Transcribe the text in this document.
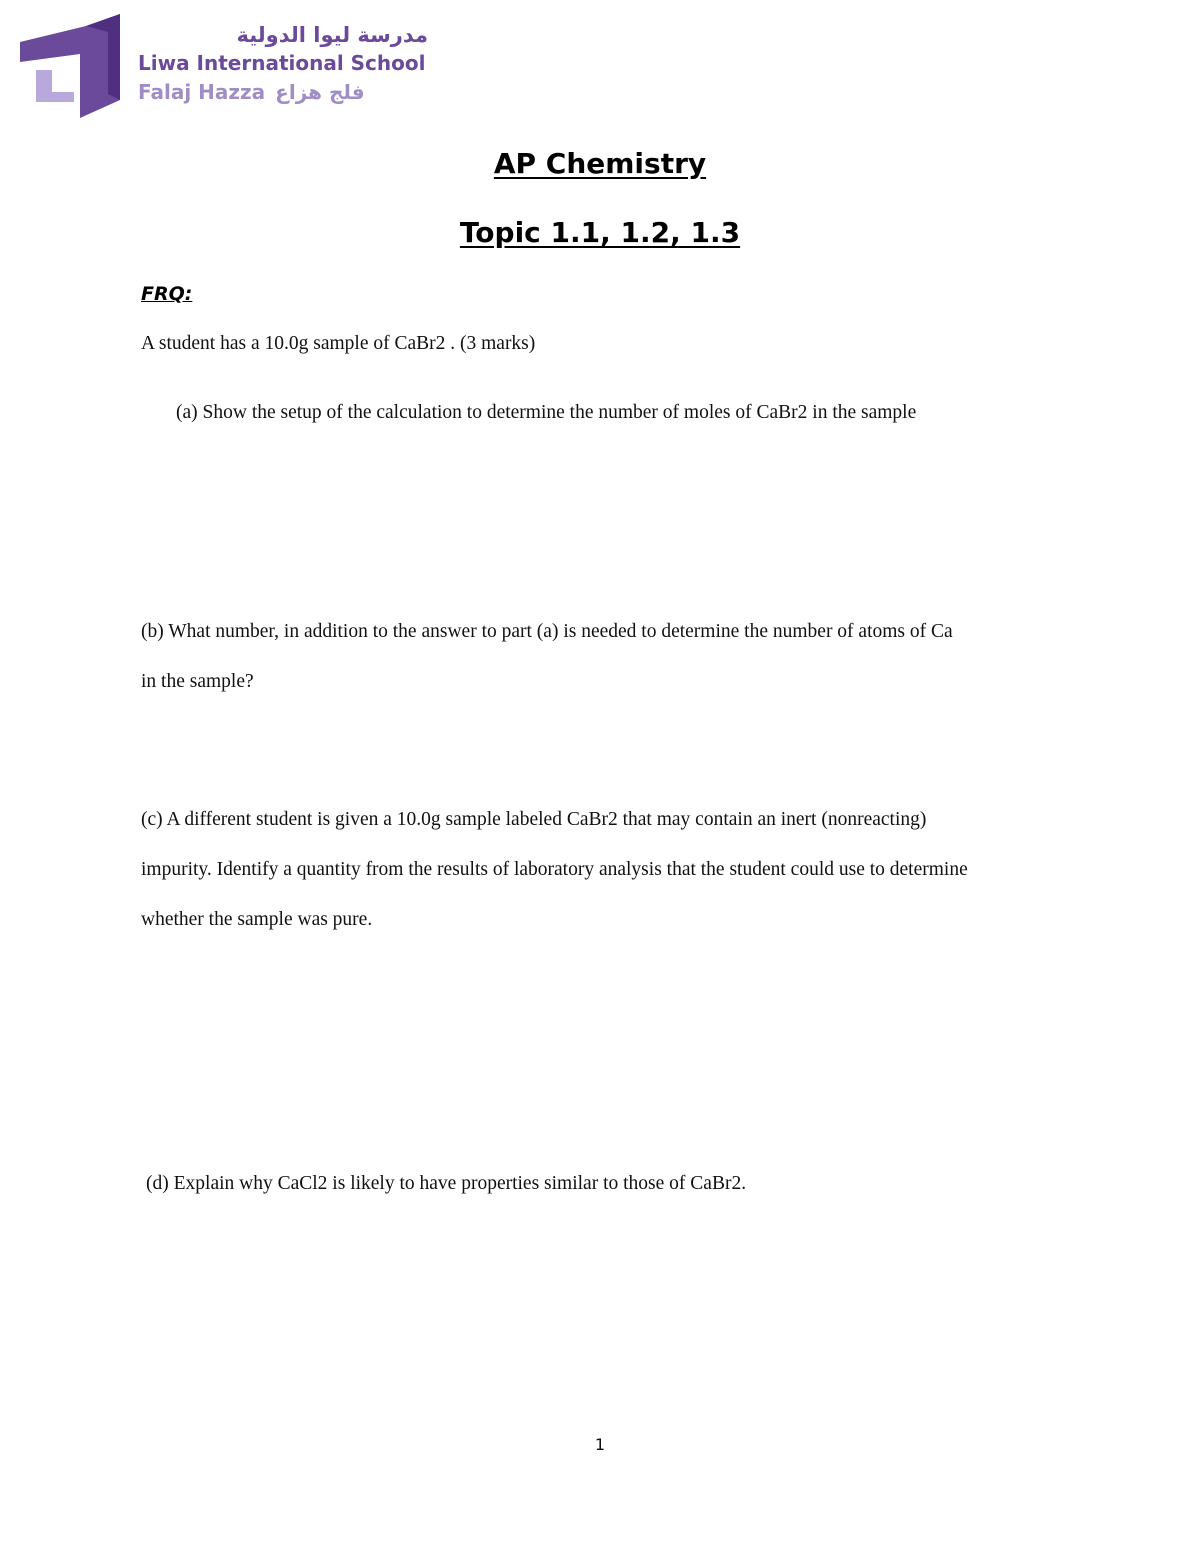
مدرسة ليوا الدولية
Liwa International School
Falaj Hazza فلج هزاع
AP Chemistry
Topic 1.1, 1.2, 1.3
FRQ:

A student has a 10.0g sample of CaBr2 . (3 marks)

(a) Show the setup of the calculation to determine the number of moles of CaBr2 in the sample

(b) What number, in addition to the answer to part (a) is needed to determine the number of atoms of Ca
in the sample?

(c) A different student is given a 10.0g sample labeled CaBr2 that may contain an inert (nonreacting)
impurity. Identify a quantity from the results of laboratory analysis that the student could use to determine
whether the sample was pure.

(d) Explain why CaCl2 is likely to have properties similar to those of CaBr2.

1
